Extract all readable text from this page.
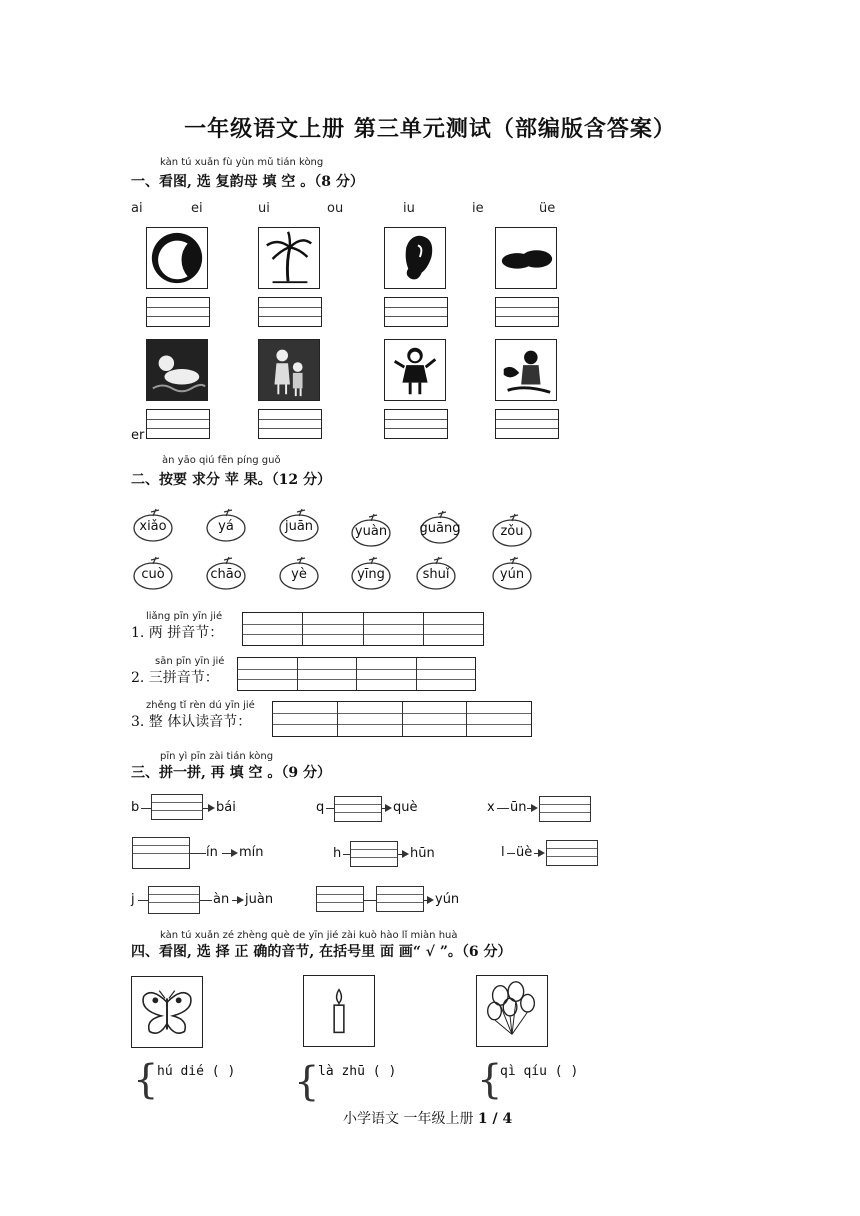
一年级语文上册 第三单元测试（部编版含答案）
kàn tú xuǎn fù yùn mǔ tián kòng
一、看图, 选 复韵母 填 空 。（8 分）
ai	ei	ui	ou	iu	ie	üe
er
àn yāo qiú fēn píng guǒ
二、按要 求分 苹 果。（12 分）
xiǎo	yá	juān	yuàn	guāng	zǒu
cuò	chāo	yè	yīng	shuǐ	yún
liǎng pīn yīn jié
1. 两 拼音节：
sān pīn yīn jié
2. 三拼音节：
zhěng tǐ rèn dú yīn jié
3. 整 体认读音节：
pīn yì pīn zài tián kòng
三、拼一拼, 再 填 空 。（9 分）
b	bái	q	què	x ūn
ín mín	h	hūn	l üè
j	àn juàn	yún
kàn tú xuǎn zé zhèng què de yīn jié zài kuò hào lǐ miàn huà
四、看图, 选 择 正 确的音节, 在括号里 面 画“ √ ”。（6 分）
{
hú dié ( ) {
là zhū ( ) {
qì qíu ( )
小学语文 一年级上册 1 / 4
